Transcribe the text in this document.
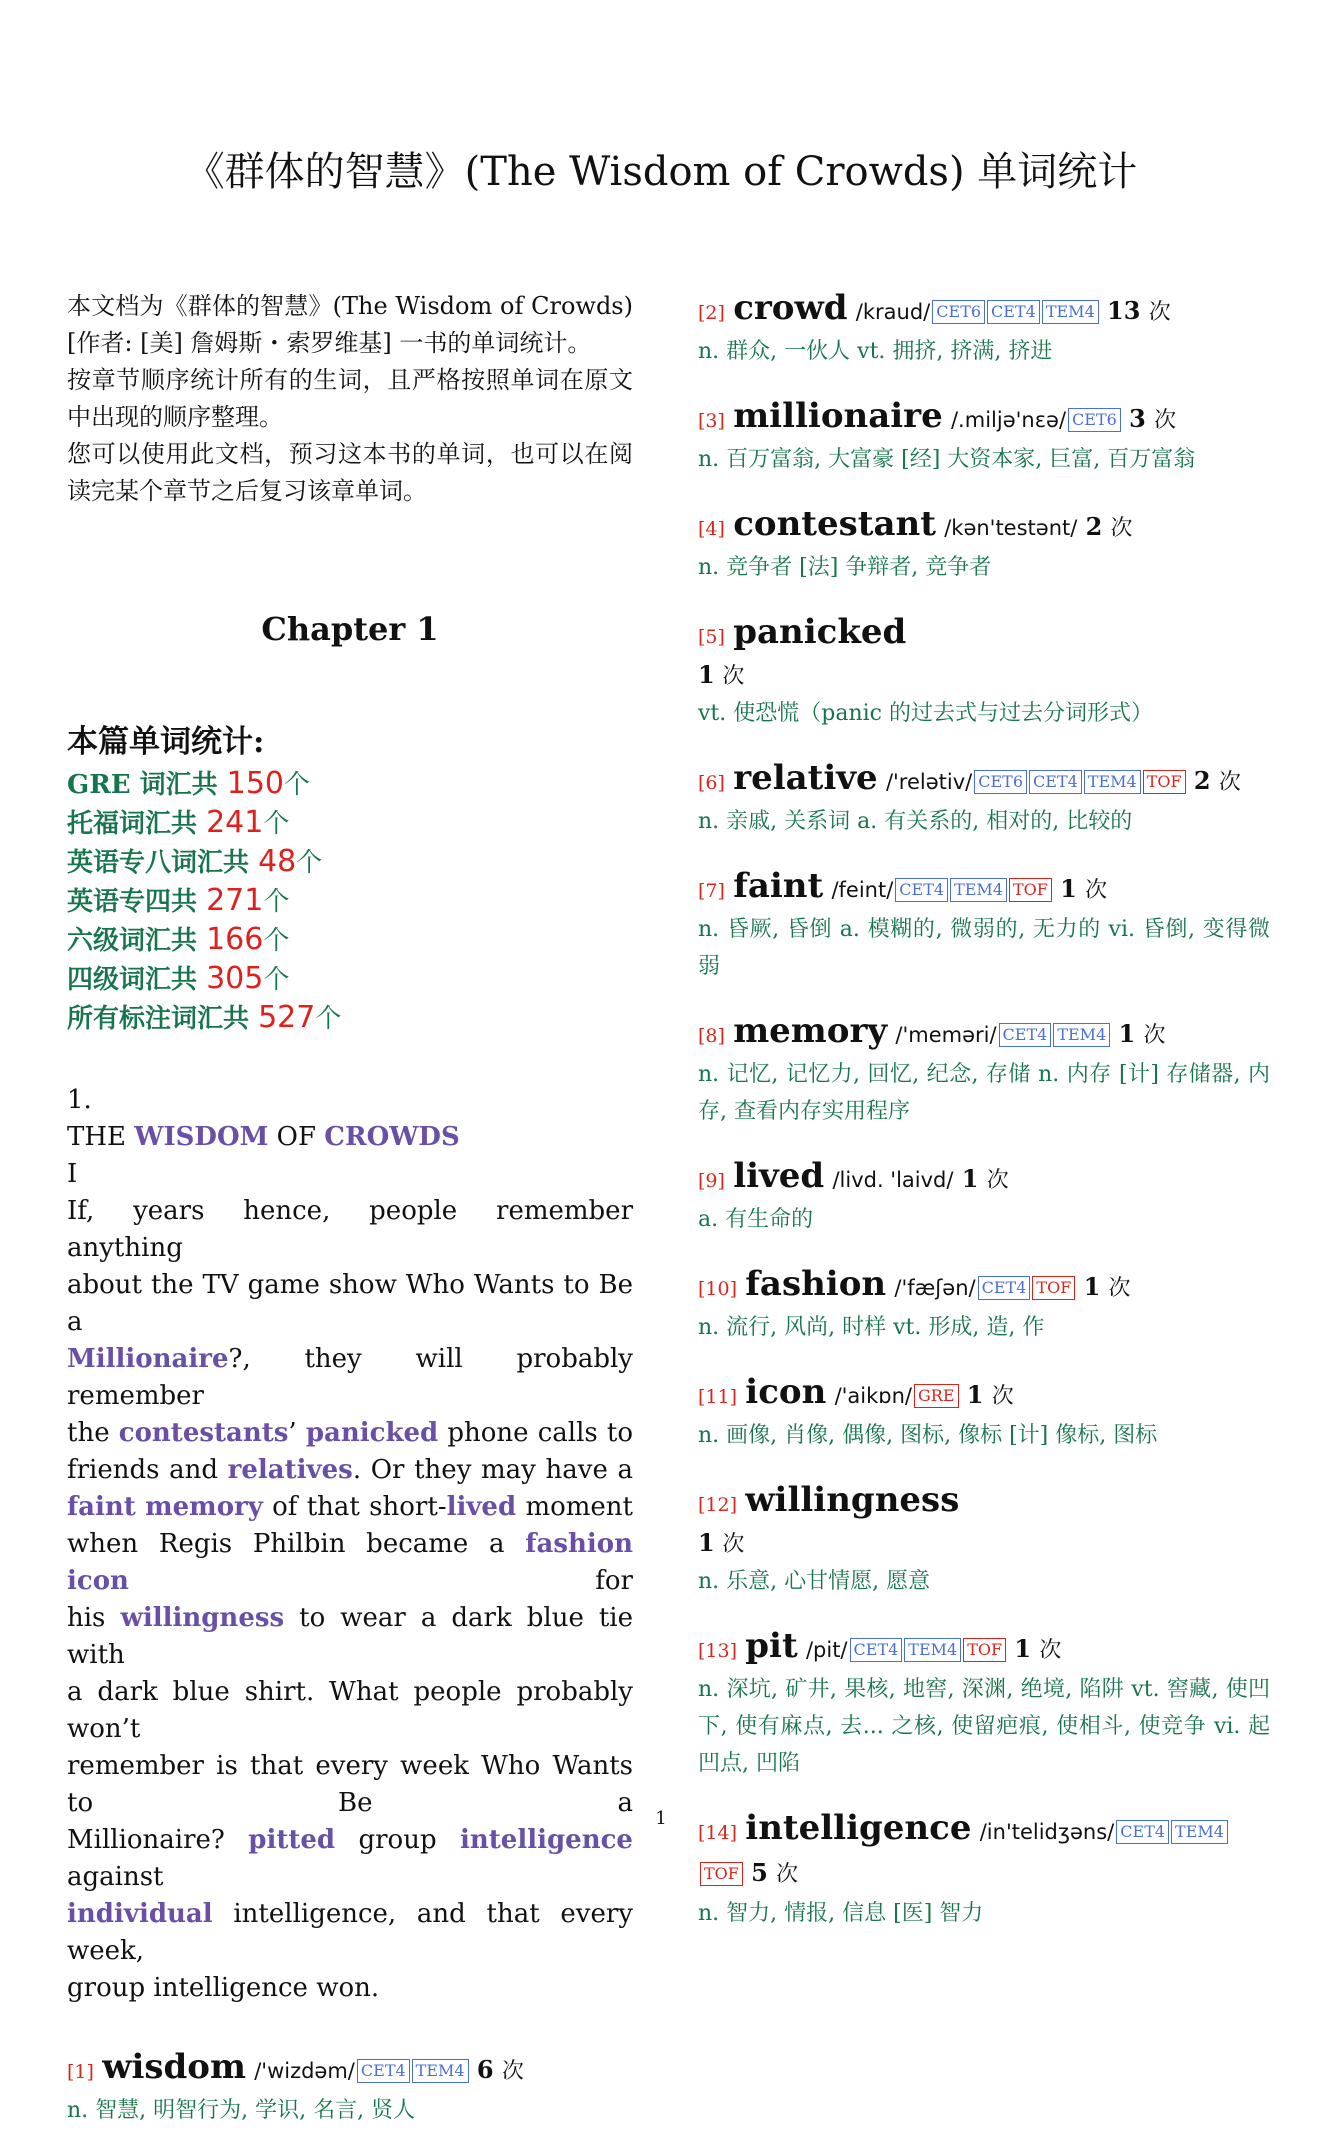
《群体的智慧》(The Wisdom of Crowds) 单词统计

本文档为《群体的智慧》(The Wisdom of Crowds)[作者: [美] 詹姆斯・索罗维基] 一书的单词统计。

按章节顺序统计所有的生词，且严格按照单词在原文中出现的顺序整理。

您可以使用此文档，预习这本书的单词，也可以在阅读完某个章节之后复习该章单词。

Chapter 1
本篇单词统计:
GRE 词汇共 150个
托福词汇共 241个
英语专八词汇共 48个
英语专四共 271个
六级词汇共 166个
四级词汇共 305个
所有标注词汇共 527个
1.
THE WISDOM OF CROWDS
I
If, years hence, people remember anything
about the TV game show Who Wants to Be a
Millionaire?, they will probably remember
the contestants’ panicked phone calls to
friends and relatives. Or they may have a
faint memory of that short-lived moment
when Regis Philbin became a fashion icon for
his willingness to wear a dark blue tie with
a dark blue shirt. What people probably won’t
remember is that every week Who Wants to Be a
Millionaire? pitted group intelligence against
individual intelligence, and that every week,
group intelligence won.
[1] wisdom /'wizdəm/ CET4 TEM4 6 次
n. 智慧, 明智行为, 学识, 名言, 贤人
[2] crowd /kraud/ CET6 CET4 TEM4 13 次
n. 群众, 一伙人 vt. 拥挤, 挤满, 挤进
[3] millionaire /.miljə'nɛə/ CET6 3 次
n. 百万富翁, 大富豪 [经] 大资本家, 巨富, 百万富翁
[4] contestant /kən'testənt/ 2 次
n. 竞争者 [法] 争辩者, 竞争者
[5] panicked
1 次
vt. 使恐慌（panic 的过去式与过去分词形式）
[6] relative /'relətiv/ CET6 CET4 TEM4 TOF 2 次
n. 亲戚, 关系词 a. 有关系的, 相对的, 比较的
[7] faint /feint/ CET4 TEM4 TOF 1 次
n. 昏厥, 昏倒 a. 模糊的, 微弱的, 无力的 vi. 昏倒, 变得微弱
[8] memory /'meməri/ CET4 TEM4 1 次
n. 记忆, 记忆力, 回忆, 纪念, 存储 n. 内存 [计] 存储器, 内存, 查看内存实用程序
[9] lived /livd. 'laivd/ 1 次
a. 有生命的
[10] fashion /'fæʃən/ CET4 TOF 1 次
n. 流行, 风尚, 时样 vt. 形成, 造, 作
[11] icon /'aikɒn/ GRE 1 次
n. 画像, 肖像, 偶像, 图标, 像标 [计] 像标, 图标
[12] willingness
1 次
n. 乐意, 心甘情愿, 愿意
[13] pit /pit/ CET4 TEM4 TOF 1 次
n. 深坑, 矿井, 果核, 地窖, 深渊, 绝境, 陷阱 vt. 窖藏, 使凹下, 使有麻点, 去... 之核, 使留疤痕, 使相斗, 使竞争 vi. 起凹点, 凹陷
[14] intelligence /in'telidʒəns/ CET4 TEM4TOF 5 次
n. 智力, 情报, 信息 [医] 智力
1
